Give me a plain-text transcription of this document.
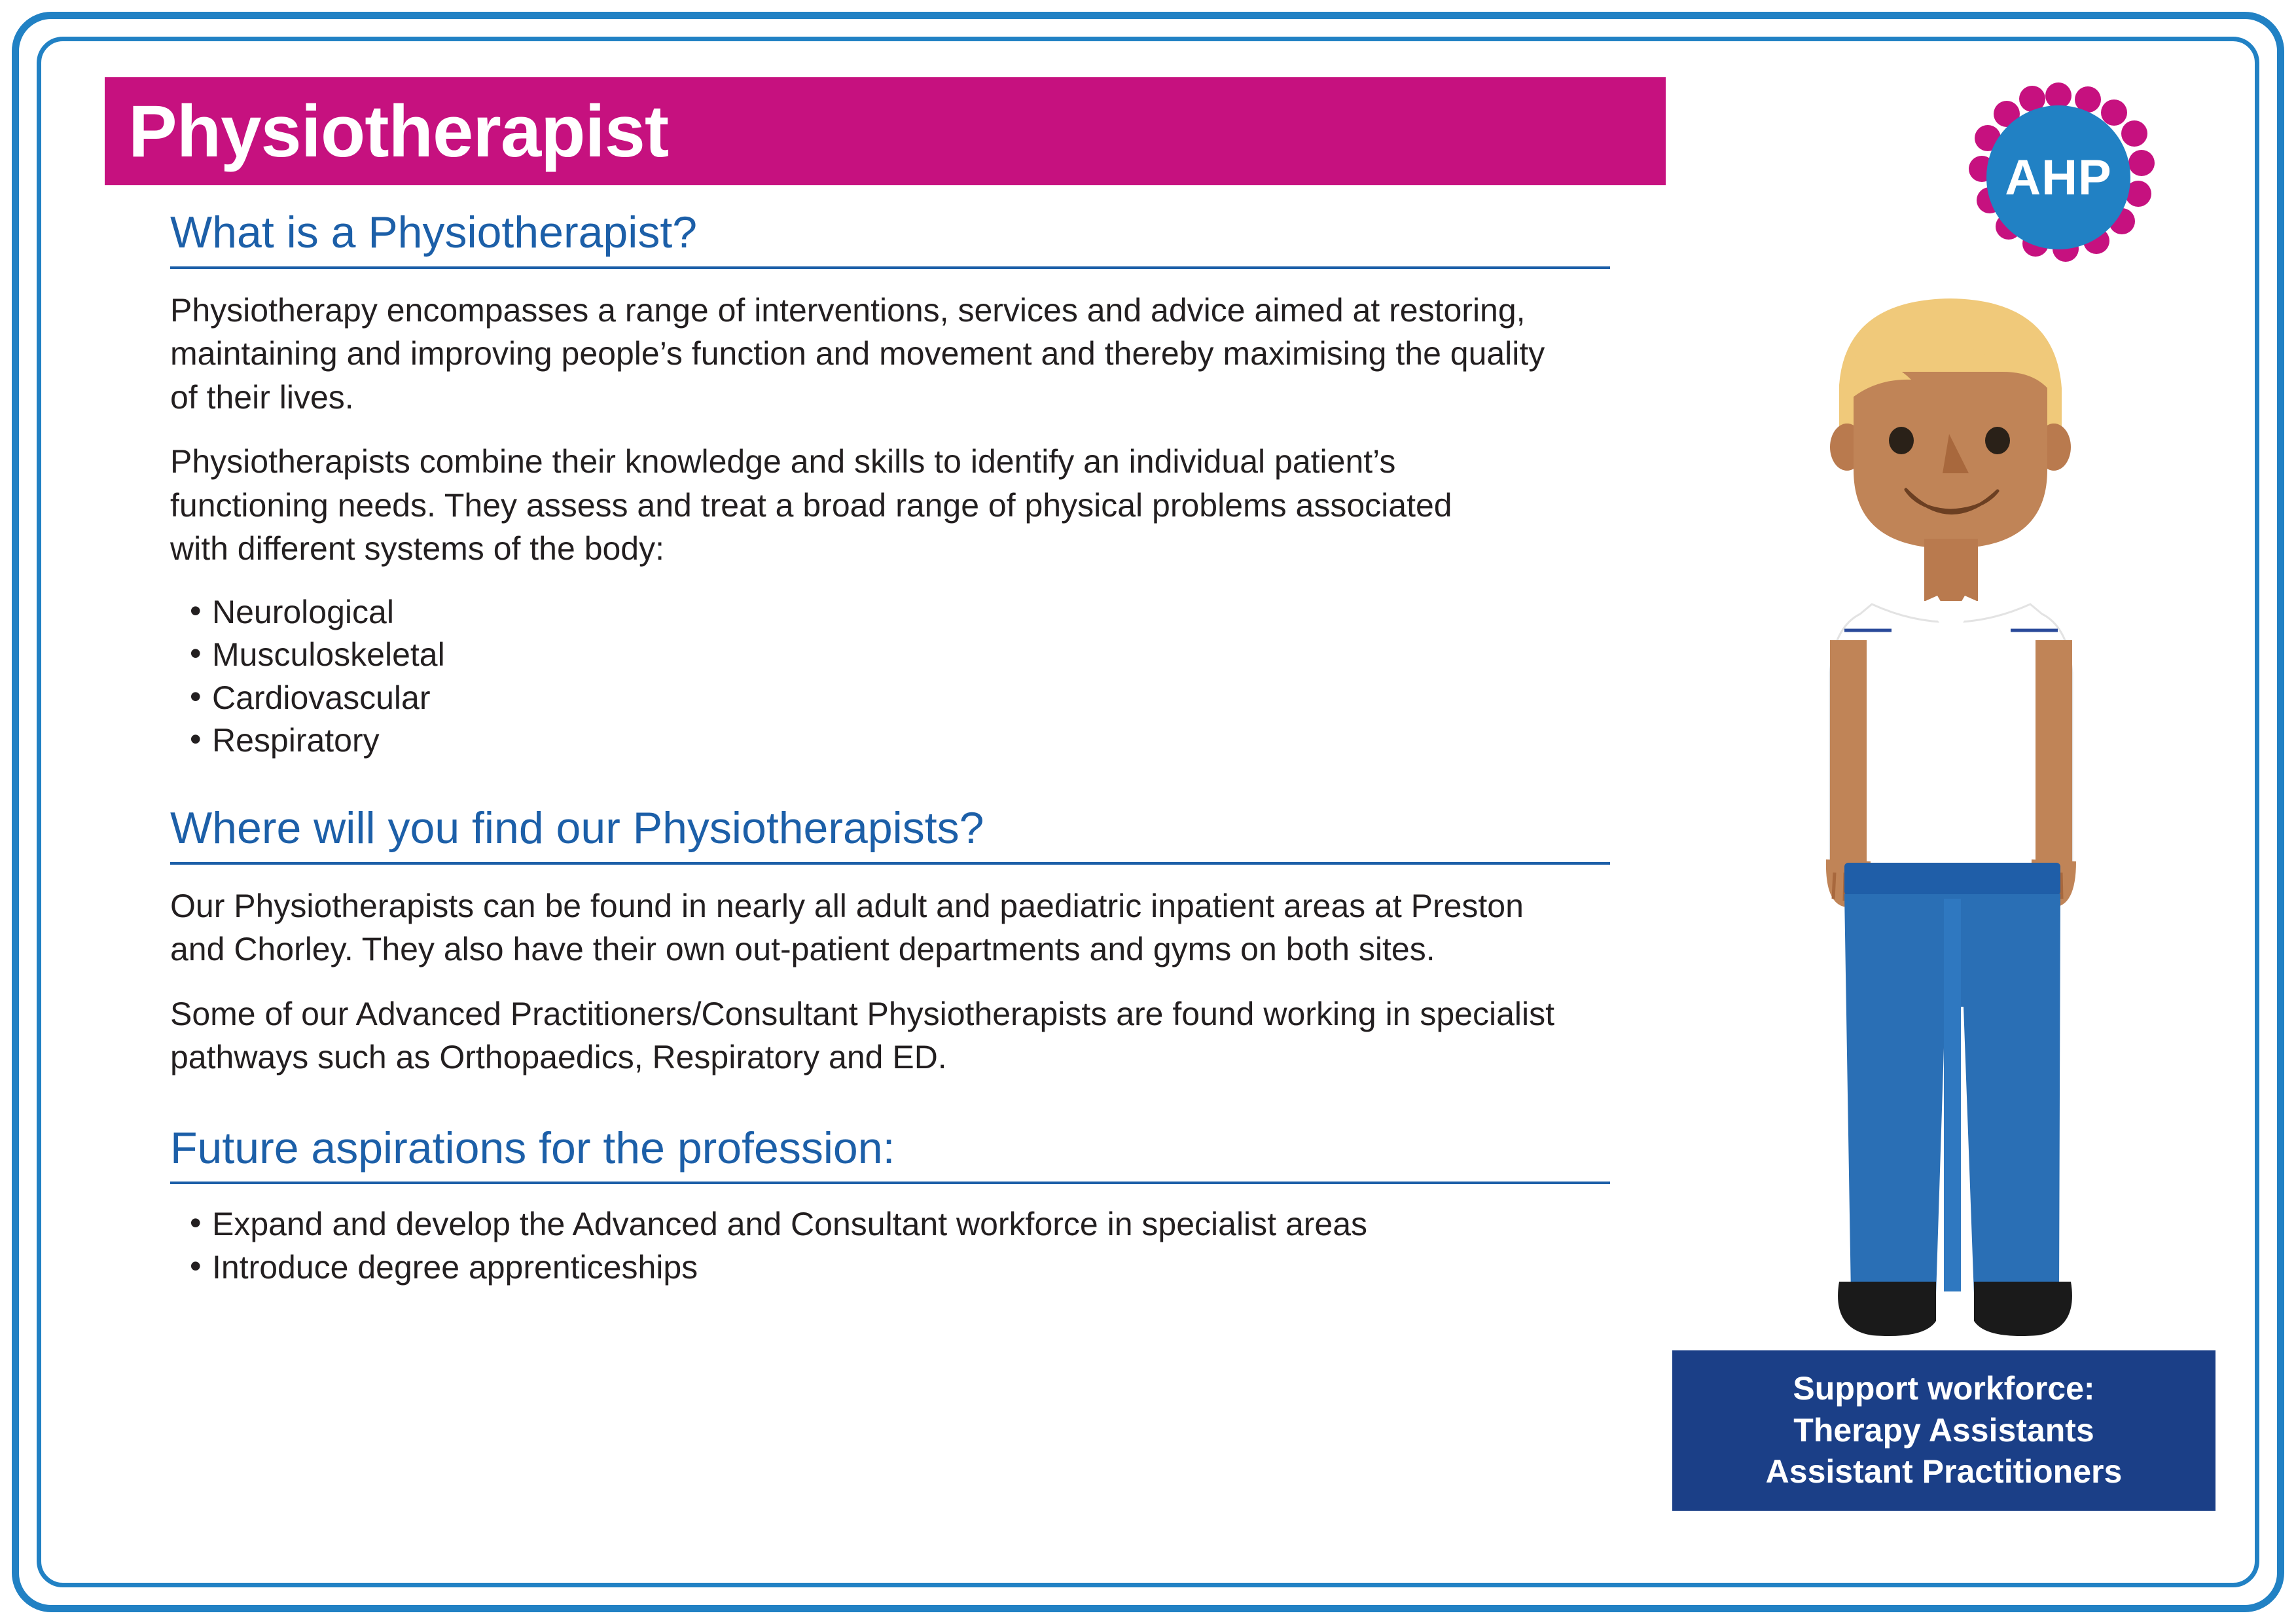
Physiotherapist
AHP
What is a Physiotherapist?

Physiotherapy encompasses a range of interventions, services and advice aimed at restoring, maintaining and improving people’s function and movement and thereby maximising the quality of their lives.

Physiotherapists combine their knowledge and skills to identify an individual patient’s functioning needs. They assess and treat a broad range of physical problems associated with different systems of the body:

• Neurological
• Musculoskeletal
• Cardiovascular
• Respiratory
Where will you find our Physiotherapists?

Our Physiotherapists can be found in nearly all adult and paediatric inpatient areas at Preston and Chorley. They also have their own out-patient departments and gyms on both sites.

Some of our Advanced Practitioners/Consultant Physiotherapists are found working in specialist pathways such as Orthopaedics, Respiratory and ED.

Future aspirations for the profession:
• Expand and develop the Advanced and Consultant workforce in specialist areas
• Introduce degree apprenticeships
Support workforce:
Therapy Assistants
Assistant Practitioners
